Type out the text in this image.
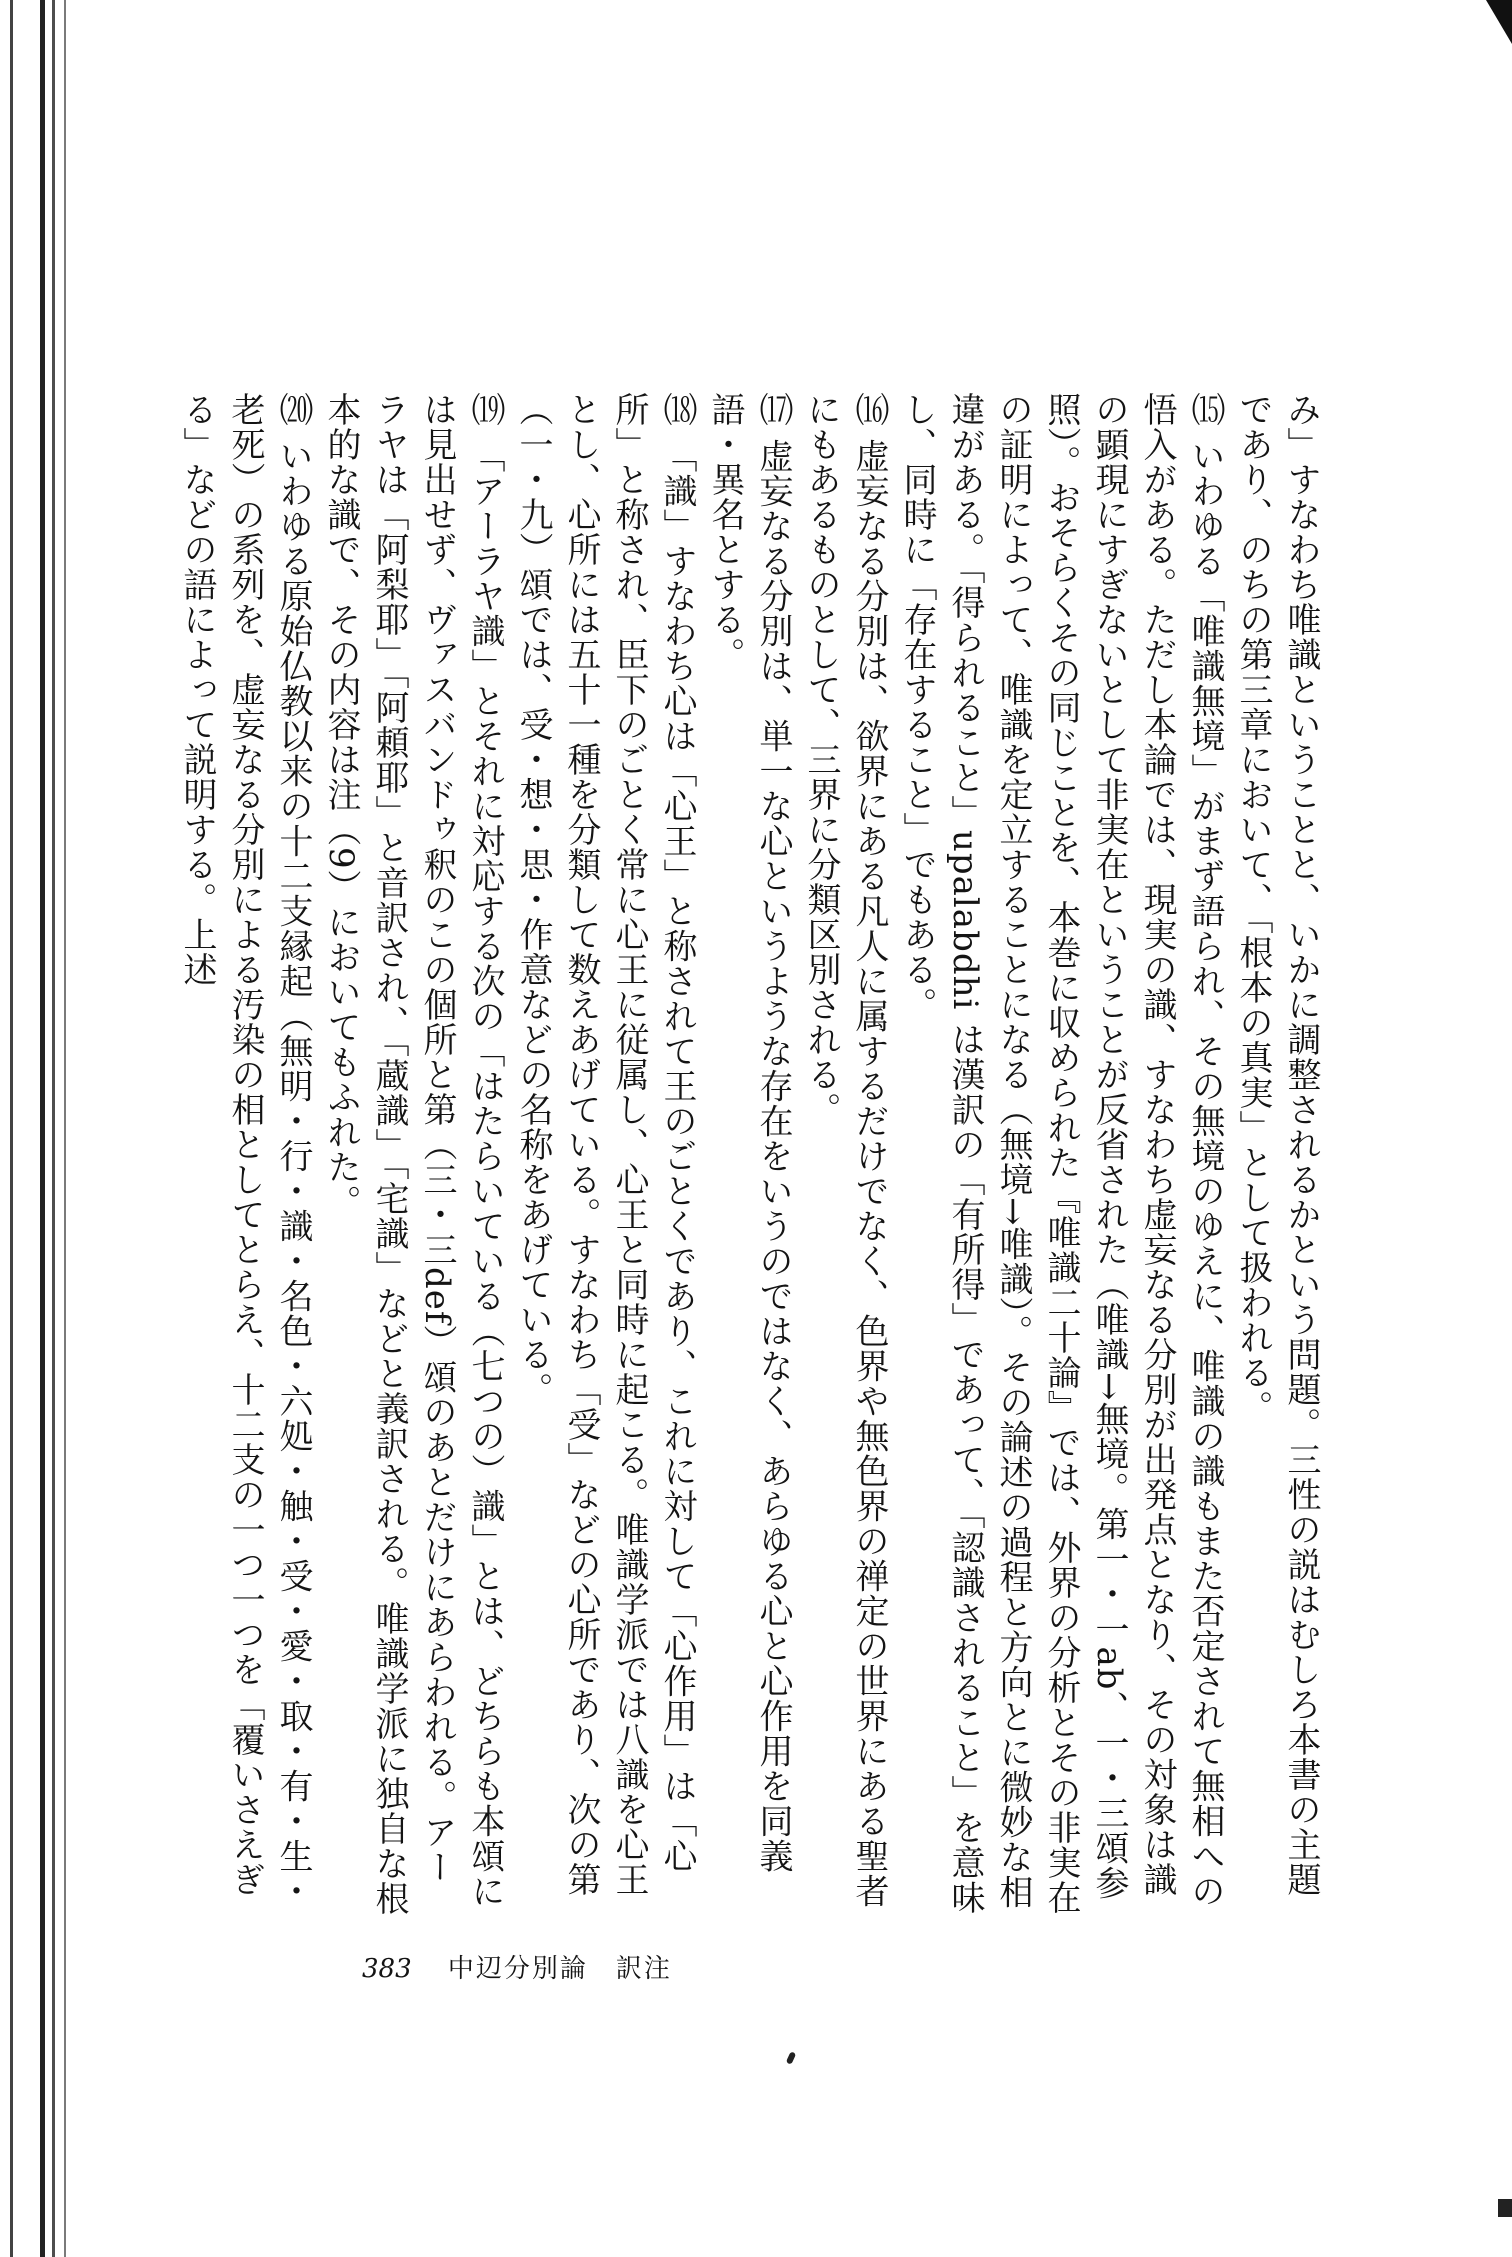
み」すなわち唯識ということと、いかに調整されるかという問題。三性の説はむしろ本書の主題であり、のちの第三章において、「根本の真実」として扱われる。

⒂ いわゆる「唯識無境」がまず語られ、その無境のゆえに、唯識の識もまた否定されて無相への悟入がある。ただし本論では、現実の識、すなわち虚妄なる分別が出発点となり、その対象は識の顕現にすぎないとして非実在ということが反省された（唯識→無境。第一・一ab、一・三頌参照）。おそらくその同じことを、本巻に収められた『唯識二十論』では、外界の分析とその非実在の証明によって、唯識を定立することになる（無境→唯識）。その論述の過程と方向とに微妙な相違がある。「得られること」upalabdhi は漢訳の「有所得」であって、「認識されること」を意味し、同時に「存在すること」でもある。

⒃ 虚妄なる分別は、欲界にある凡人に属するだけでなく、色界や無色界の禅定の世界にある聖者にもあるものとして、三界に分類区別される。

⒄ 虚妄なる分別は、単一な心というような存在をいうのではなく、あらゆる心と心作用を同義語・異名とする。

⒅ 「識」すなわち心は「心王」と称されて王のごとくであり、これに対して「心作用」は「心所」と称され、臣下のごとく常に心王に従属し、心王と同時に起こる。唯識学派では八識を心王とし、心所には五十一種を分類して数えあげている。すなわち「受」などの心所であり、次の第（一・九）頌では、受・想・思・作意などの名称をあげている。

⒆ 「アーラヤ識」とそれに対応する次の「はたらいている（七つの）識」とは、どちらも本頌には見出せず、ヴァスバンドゥ釈のこの個所と第（三・三def）頌のあとだけにあらわれる。アーラヤは「阿梨耶」「阿頼耶」と音訳され、「蔵識」「宅識」などと義訳される。唯識学派に独自な根本的な識で、その内容は注（9）においてもふれた。

⒇ いわゆる原始仏教以来の十二支縁起（無明・行・識・名色・六処・触・受・愛・取・有・生・老死）の系列を、虚妄なる分別による汚染の相としてとらえ、十二支の一つ一つを「覆いさえぎる」などの語によって説明する。上述

383 中辺分別論　訳注
